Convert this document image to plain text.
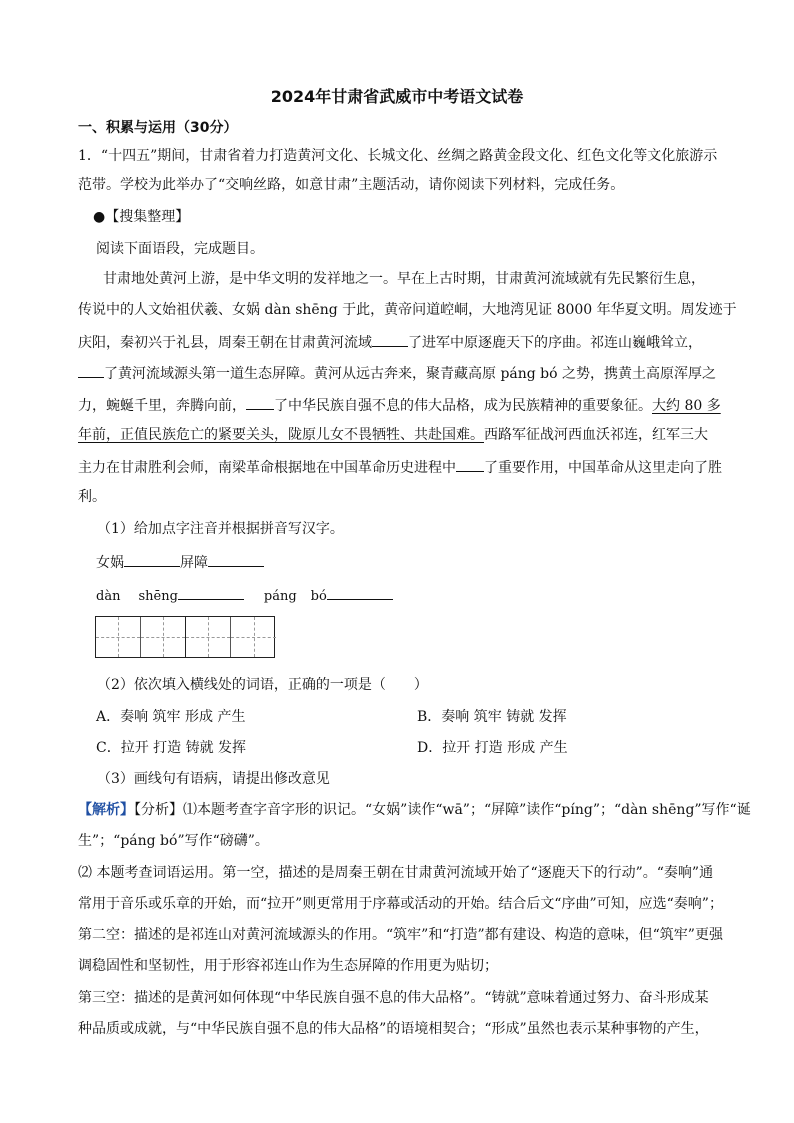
2024年甘肃省武威市中考语文试卷
一、积累与运用（30分）
1．“十四五”期间，甘肃省着力打造黄河文化、长城文化、丝绸之路黄金段文化、红色文化等文化旅游示
范带。学校为此举办了“交响丝路，如意甘肃”主题活动，请你阅读下列材料，完成任务。
●【搜集整理】
阅读下面语段，完成题目。
甘肃地处黄河上游，是中华文明的发祥地之一。早在上古时期，甘肃黄河流域就有先民繁衍生息，
传说中的人文始祖伏羲、女娲 dàn shēng 于此，黄帝问道崆峒，大地湾见证 8000 年华夏文明。周发迹于
庆阳，秦初兴于礼县，周秦王朝在甘肃黄河流域	了进军中原逐鹿天下的序曲。祁连山巍峨耸立，
了黄河流域源头第一道生态屏障。黄河从远古奔来，聚青藏高原 páng bó 之势，携黄土高原浑厚之
力，蜿蜒千里，奔腾向前， 了中华民族自强不息的伟大品格，成为民族精神的重要象征。大约 80 多
年前，正值民族危亡的紧要关头，陇原儿女不畏牺牲、共赴国难。西路军征战河西血沃祁连，红军三大
主力在甘肃胜利会师，南梁革命根据地在中国革命历史进程中 了重要作用，中国革命从这里走向了胜
利。
（1）给加点字注音并根据拼音写汉字。
女娲	屏障
dàn shēng	páng bó
（2）依次填入横线处的词语，正确的一项是（　　）
A．奏响 筑牢 形成 产生	B．奏响 筑牢 铸就 发挥
C．拉开 打造 铸就 发挥	D．拉开 打造 形成 产生
（3）画线句有语病，请提出修改意见
【解析】【分析】⑴本题考查字音字形的识记。“女娲”读作“wā”；“屏障”读作“píng”；“dàn shēng”写作“诞
生”；“páng bó”写作“磅礴”。
⑵ 本题考查词语运用。第一空，描述的是周秦王朝在甘肃黄河流域开始了“逐鹿天下的行动”。“奏响”通
常用于音乐或乐章的开始，而“拉开”则更常用于序幕或活动的开始。结合后文“序曲”可知，应选“奏响”；
第二空：描述的是祁连山对黄河流域源头的作用。“筑牢”和“打造”都有建设、构造的意味，但“筑牢”更强
调稳固性和坚韧性，用于形容祁连山作为生态屏障的作用更为贴切；
第三空：描述的是黄河如何体现“中华民族自强不息的伟大品格”。“铸就”意味着通过努力、奋斗形成某
种品质或成就，与“中华民族自强不息的伟大品格”的语境相契合；“形成”虽然也表示某种事物的产生，
